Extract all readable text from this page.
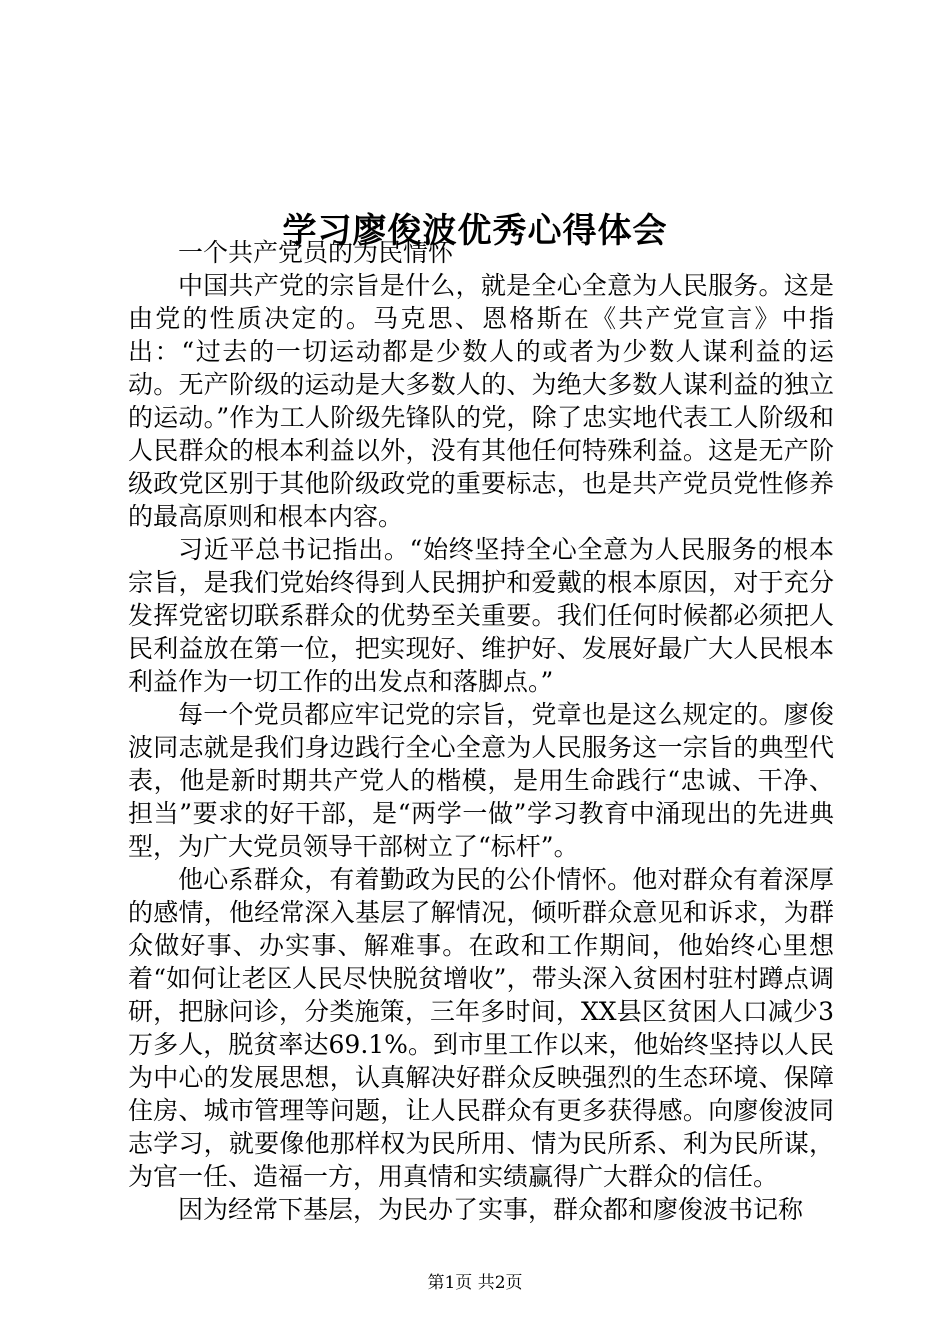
学习廖俊波优秀心得体会

一个共产党员的为民情怀

中国共产党的宗旨是什么，就是全心全意为人民服务。这是由党的性质决定的。马克思、恩格斯在《共产党宣言》中指出：“过去的一切运动都是少数人的或者为少数人谋利益的运动。无产阶级的运动是大多数人的、为绝大多数人谋利益的独立的运动。”作为工人阶级先锋队的党，除了忠实地代表工人阶级和人民群众的根本利益以外，没有其他任何特殊利益。这是无产阶级政党区别于其他阶级政党的重要标志，也是共产党员党性修养的最高原则和根本内容。

习近平总书记指出。“始终坚持全心全意为人民服务的根本宗旨，是我们党始终得到人民拥护和爱戴的根本原因，对于充分发挥党密切联系群众的优势至关重要。我们任何时候都必须把人民利益放在第一位，把实现好、维护好、发展好最广大人民根本利益作为一切工作的出发点和落脚点。”

每一个党员都应牢记党的宗旨，党章也是这么规定的。廖俊波同志就是我们身边践行全心全意为人民服务这一宗旨的典型代表，他是新时期共产党人的楷模，是用生命践行“忠诚、干净、担当”要求的好干部，是“两学一做”学习教育中涌现出的先进典型，为广大党员领导干部树立了“标杆”。

他心系群众，有着勤政为民的公仆情怀。他对群众有着深厚的感情，他经常深入基层了解情况，倾听群众意见和诉求，为群众做好事、办实事、解难事。在政和工作期间，他始终心里想着“如何让老区人民尽快脱贫增收”，带头深入贫困村驻村蹲点调研，把脉问诊，分类施策，三年多时间，XX县区贫困人口减少3万多人，脱贫率达69.1%。到市里工作以来，他始终坚持以人民为中心的发展思想，认真解决好群众反映强烈的生态环境、保障住房、城市管理等问题，让人民群众有更多获得感。向廖俊波同志学习，就要像他那样权为民所用、情为民所系、利为民所谋，为官一任、造福一方，用真情和实绩赢得广大群众的信任。

因为经常下基层，为民办了实事，群众都和廖俊波书记称

第1页 共2页
